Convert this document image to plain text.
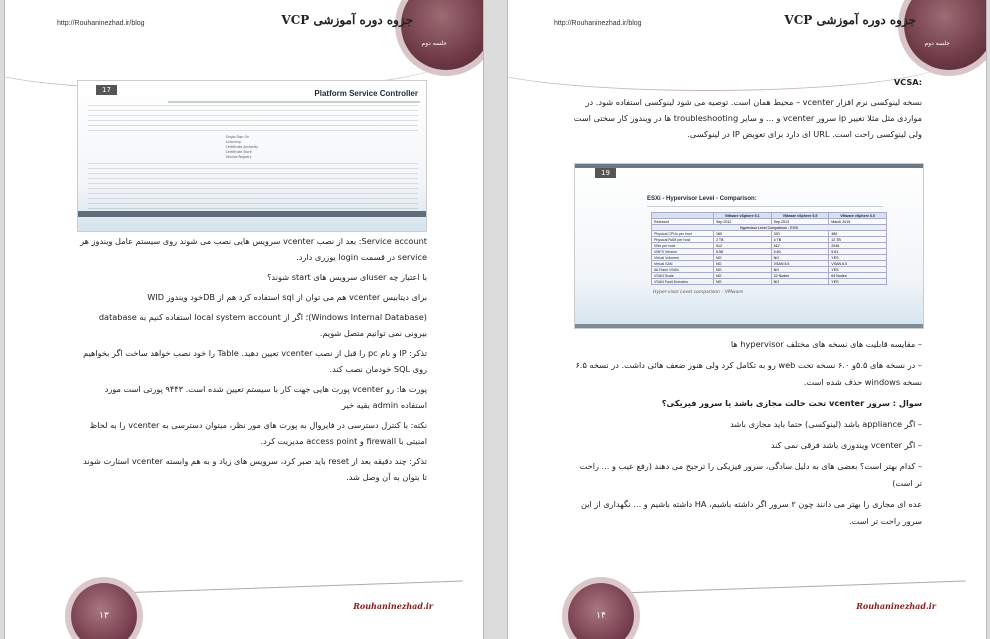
http://Rouhaninezhad.ir/blog	جزوه دوره آموزشی VCP
جلسه دوم
17	Platform Service Controller
Single Sign-On
Licensing
Certificate Authority
Certificate Store
Service Registry

Service account: بعد از نصب vcenter سرویس هایی نصب می شوند روی سیستم عامل ویندوز هر service در قسمت login یوزری دارد.

با اعتبار چه userای سرویس های start شوند؟

برای دیتابیس vcenter هم می توان از sql استفاده کرد هم از DBخود ویندوز WID

(Windows Internal Database)؛ اگر از local system account استفاده کنیم به database بیرونی نمی توانیم متصل شویم.

تذکر: IP و نام pc را قبل از نصب vcenter تعیین دهید. Table را خود نصب خواهد ساخت اگر بخواهیم روی SQL خودمان نصب کند.

پورت ها: رو vcenter پورت هایی جهت کار با سیستم تعیین شده است. ۹۴۴۳ پورتی است مورد استفاده admin بقیه خیر

نکته: با کنترل دسترسی در فایروال به پورت های مور نظر، میتوان دسترسی به vcenter را به لحاظ امنیتی با firewall و access point مدیریت کرد.

تذکر: چند دقیقه بعد از reset باید صبر کرد، سرویس های زیاد و به هم وابسته vcenter استارت شوند تا بتوان به آن وصل شد.

Rouhaninezhad.ir
۱۳
http://Rouhaninezhad.ir/blog	جزوه دوره آموزشی VCP
جلسه دوم

VCSA:

نسخه لینوکسی نرم افزار vcenter – محیط همان است. توصیه می شود لینوکسی استفاده شود. در مواردی مثل مثلا تغییر ip سرور vcenter و ... و سایر troubleshooting ها در ویندوز کار سختی است ولی لینوکسی راحت است. URL ای دارد برای تعویض IP در لینوکسی.

19
ESXi - Hypervisor Level - Comparison:
	VMware vSphere 5.1	VMware vSphere 5.5	VMware vSphere 6.0
Released	Sep 2012	Sep 2013	March 2015
Hypervisor Level Comparison - ESXi			
Physical CPUs per host	160	320	480
Physical RAM per host	2 TB	4 TB	12 TB
VMs per host	512	512	2048
VMFS Version	5.58	5.60	5.61
Virtual Volumes	NO	NO	YES
Virtual SAN	NO	VSAN 5.5	VSAN 6.0
All-Flash VSAN	NO	NO	YES
VSAN Scale	NO	32 Nodes	64 Nodes
VSAN Fault Domains	NO	NO	YES
Hyper-visor Level comparison – VMware

– مقایسه قابلیت های نسخه های مختلف hypervisor ها

– در نسخه های ۵.۵و ۶.۰ نسخه تحت web رو به تکامل کرد ولی هنوز ضعف هائی داشت. در نسخه ۶.۵ نسخه windows حذف شده است.

سوال : سرور vcenter تحت حالت مجازی باشد یا سرور فیزیکی؟

– اگر appliance باشد (لینوکسی) حتما باید مجازی باشد

– اگر vcenter ویندوزی باشد فرقی نمی کند

– کدام بهتر است؟ بعضی های به دلیل سادگی، سرور فیزیکی را ترجیح می دهند (رفع عیب و ... راحت تر است)

عده ای مجازی را بهتر می دانند چون ۲ سرور اگر داشته باشیم، HA داشته باشیم و ... نگهداری از این سرور راحت تر است.

Rouhaninezhad.ir
۱۴
